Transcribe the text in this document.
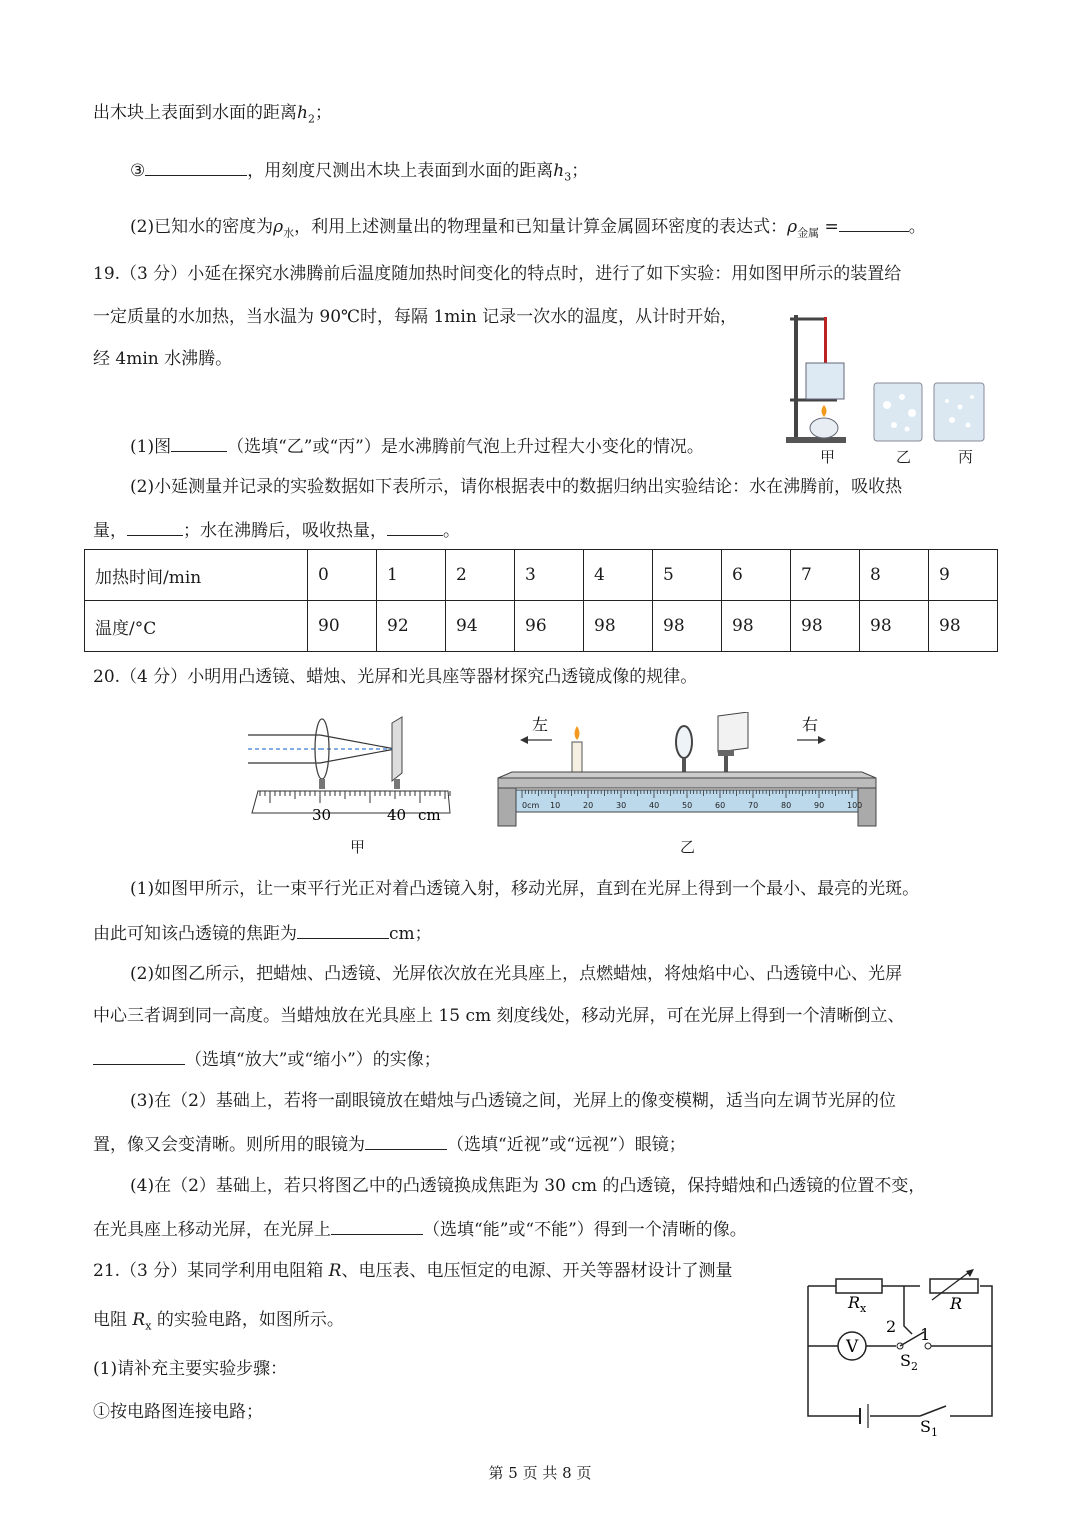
出木块上表面到水面的距离$h_2$；
③	，用刻度尺测出木块上表面到水面的距离$h_3$；
(2)已知水的密度为$\rho_水$，利用上述测量出的物理量和已知量计算金属圆环密度的表达式：$\rho_{金属}$ =	。
19.（3 分）小延在探究水沸腾前后温度随加热时间变化的特点时，进行了如下实验：用如图甲所示的装置给
一定质量的水加热，当水温为 90℃时，每隔 1min 记录一次水的温度，从计时开始，
经 4min 水沸腾。
甲	乙	丙
(1)图	（选填“乙”或“丙”）是水沸腾前气泡上升过程大小变化的情况。
(2)小延测量并记录的实验数据如下表所示，请你根据表中的数据归纳出实验结论：水在沸腾前，吸收热
量，	；水在沸腾后，吸收热量，	。
加热时间/min	0	1	2	3	4	5	6	7	8	9
温度/°C	90	92	94	96	98	98	98	98	98	98
20.（4 分）小明用凸透镜、蜡烛、光屏和光具座等器材探究凸透镜成像的规律。
30	40 cm
甲
左	右
0cm 10	20	30	40	50	60	70	80	90	100
乙
(1)如图甲所示，让一束平行光正对着凸透镜入射，移动光屏，直到在光屏上得到一个最小、最亮的光斑。
由此可知该凸透镜的焦距为	cm；
(2)如图乙所示，把蜡烛、凸透镜、光屏依次放在光具座上，点燃蜡烛，将烛焰中心、凸透镜中心、光屏
中心三者调到同一高度。当蜡烛放在光具座上 15 cm 刻度线处，移动光屏，可在光屏上得到一个清晰倒立、
（选填“放大”或“缩小”）的实像；
(3)在（2）基础上，若将一副眼镜放在蜡烛与凸透镜之间，光屏上的像变模糊，适当向左调节光屏的位
置，像又会变清晰。则所用的眼镜为	（选填“近视”或“远视”）眼镜；
(4)在（2）基础上，若只将图乙中的凸透镜换成焦距为 30 cm 的凸透镜，保持蜡烛和凸透镜的位置不变，
在光具座上移动光屏，在光屏上	（选填“能”或“不能”）得到一个清晰的像。
21.（3 分）某同学利用电阻箱 R、电压表、电压恒定的电源、开关等器材设计了测量
电阻 $R_x$ 的实验电路，如图所示。
(1)请补充主要实验步骤：
①按电路图连接电路；
V
$R_x$	R
2 1
$S_2$
$S_1$
第 5 页 共 8 页
